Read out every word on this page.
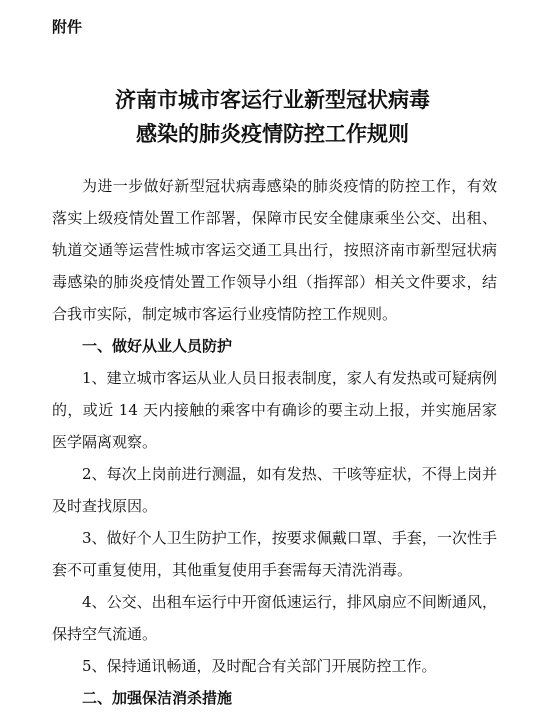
附件
济南市城市客运行业新型冠状病毒
感染的肺炎疫情防控工作规则

为进一步做好新型冠状病毒感染的肺炎疫情的防控工作，有效落实上级疫情处置工作部署，保障市民安全健康乘坐公交、出租、轨道交通等运营性城市客运交通工具出行，按照济南市新型冠状病毒感染的肺炎疫情处置工作领导小组（指挥部）相关文件要求，结合我市实际，制定城市客运行业疫情防控工作规则。

一、做好从业人员防护

1、建立城市客运从业人员日报表制度，家人有发热或可疑病例的，或近 14 天内接触的乘客中有确诊的要主动上报，并实施居家医学隔离观察。

2、每次上岗前进行测温，如有发热、干咳等症状，不得上岗并及时查找原因。

3、做好个人卫生防护工作，按要求佩戴口罩、手套，一次性手套不可重复使用，其他重复使用手套需每天清洗消毒。

4、公交、出租车运行中开窗低速运行，排风扇应不间断通风，保持空气流通。

5、保持通讯畅通，及时配合有关部门开展防控工作。

二、加强保洁消杀措施
